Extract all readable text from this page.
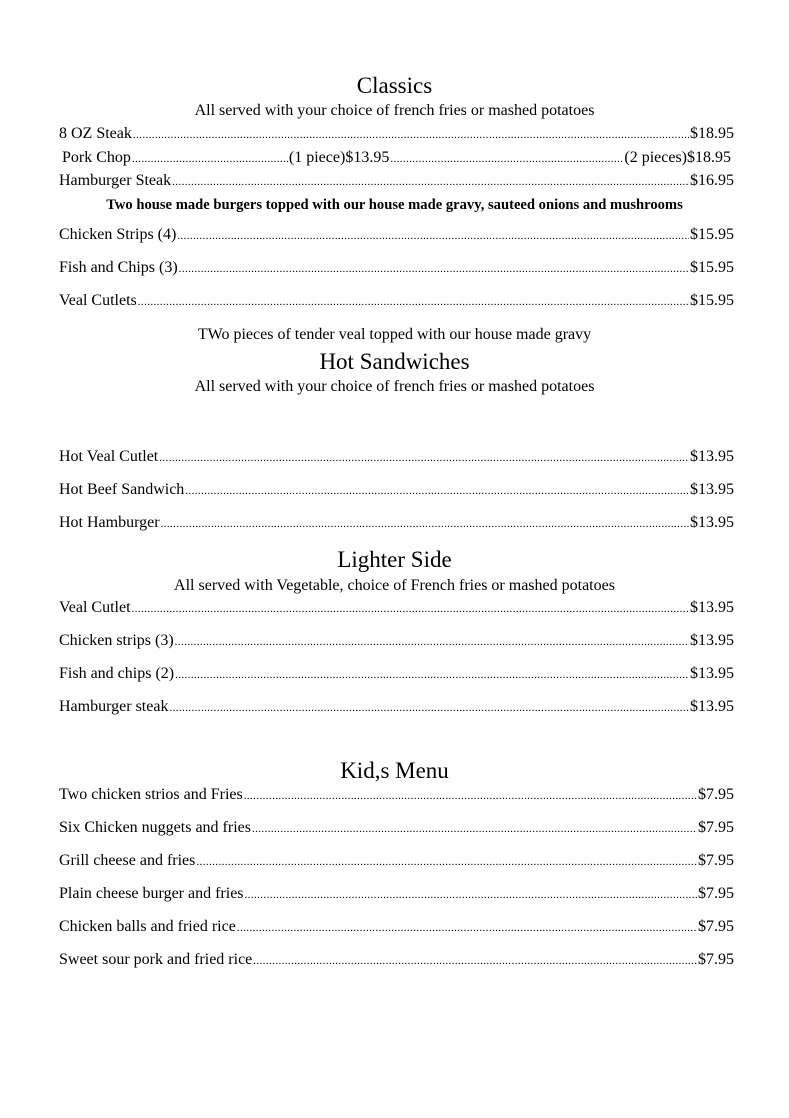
Classics
All served with your choice of french fries or mashed potatoes
8 OZ Steak .....	$18.95
Pork Chop .....	(1 piece)$13.95 .....	(2 pieces)$18.95
Hamburger Steak .....	$16.95
Two house made burgers topped with our house made gravy, sauteed onions and mushrooms
Chicken Strips (4) .....	$15.95
Fish and Chips (3) .....	$15.95
Veal Cutlets .....	$15.95
TWo pieces of tender veal topped with our house made gravy
Hot Sandwiches
All served with your choice of french fries or mashed potatoes
Hot Veal Cutlet .....	$13.95
Hot Beef Sandwich .....	$13.95
Hot Hamburger .....	$13.95
Lighter Side
All served with Vegetable, choice of French fries or mashed potatoes
Veal Cutlet .....	$13.95
Chicken strips (3) .....	$13.95
Fish and chips (2) .....	$13.95
Hamburger steak .....	$13.95
Kid,s Menu
Two chicken strios and Fries .....	$7.95
Six Chicken nuggets and fries .....	$7.95
Grill cheese and fries .....	$7.95
Plain cheese burger and fries .....	$7.95
Chicken balls and fried rice .....	$7.95
Sweet sour pork and fried rice .....	$7.95
